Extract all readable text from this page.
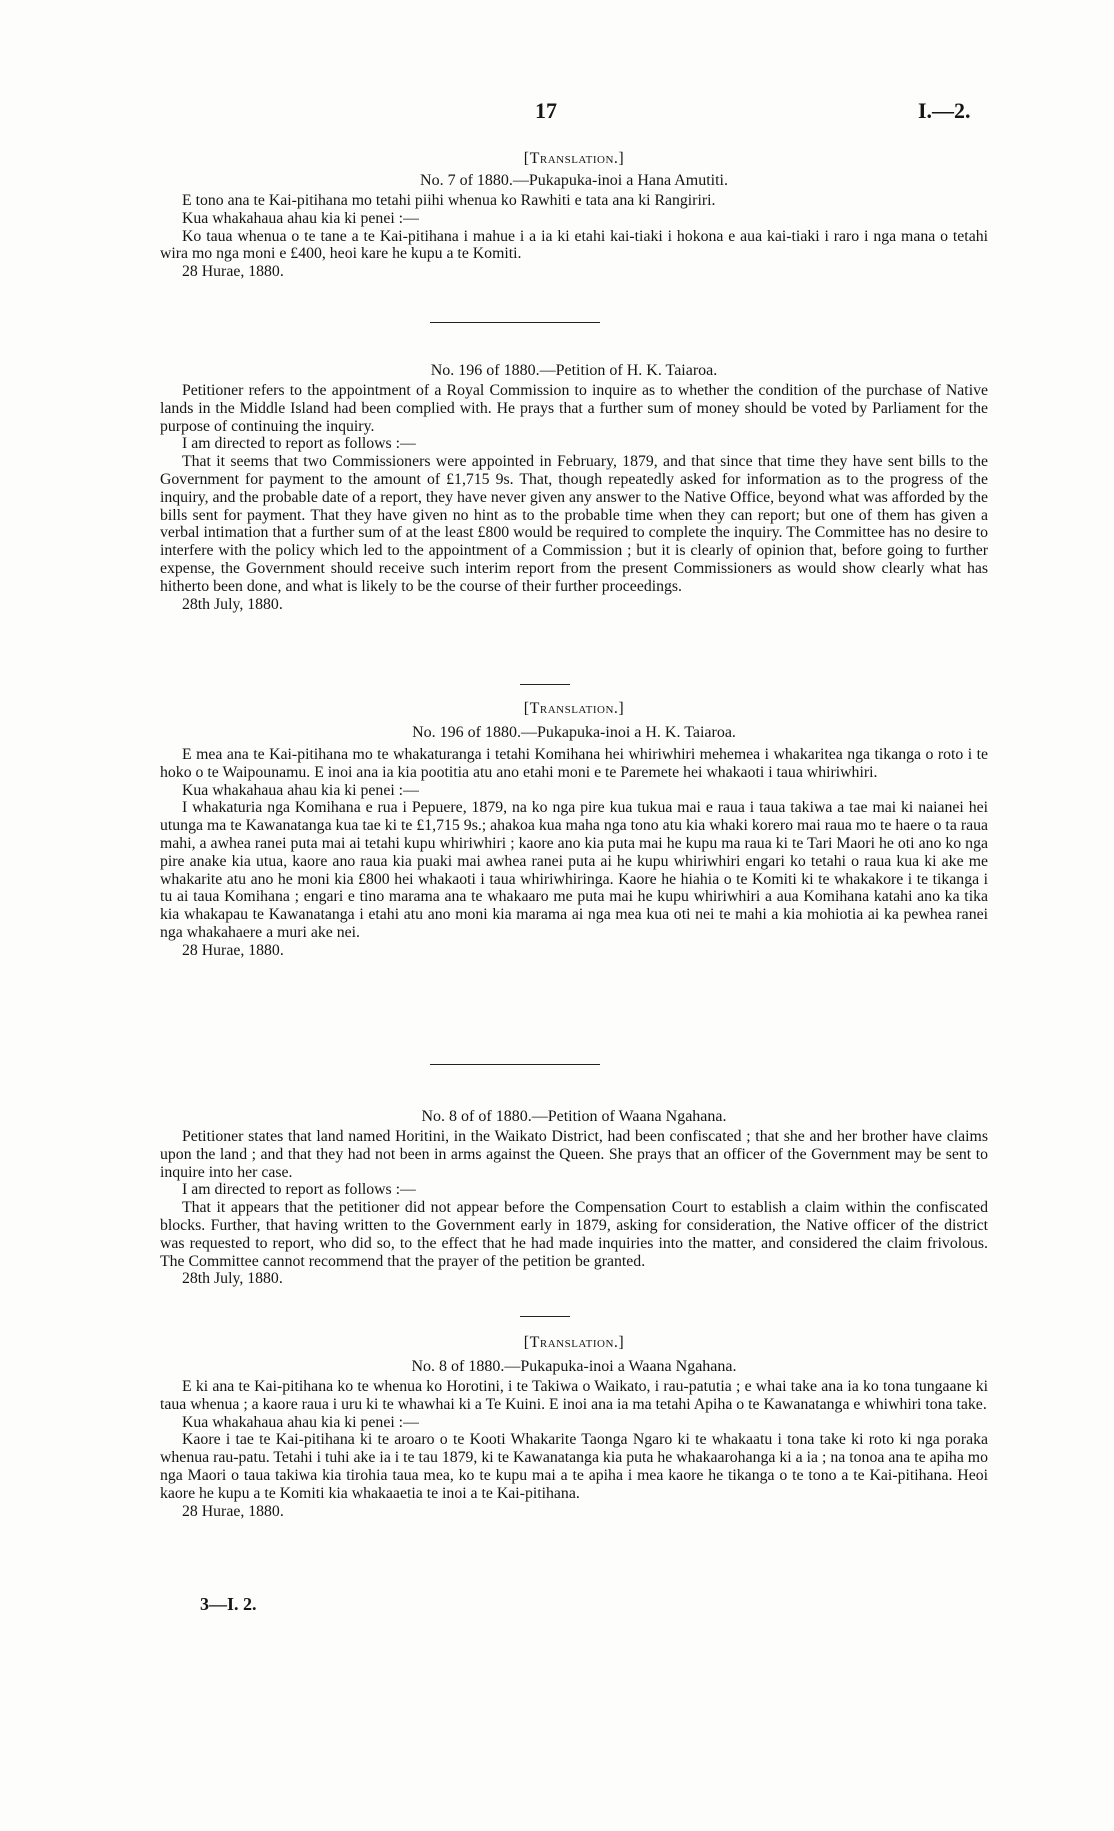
17	I.—2.

[Translation.]

No. 7 of 1880.—Pukapuka-inoi a Hana Amutiti.

E tono ana te Kai-pitihana mo tetahi piihi whenua ko Rawhiti e tata ana ki Rangiriri.

Kua whakahaua ahau kia ki penei :—

Ko taua whenua o te tane a te Kai-pitihana i mahue i a ia ki etahi kai-tiaki i hokona e aua kai-tiaki i raro i nga mana o tetahi wira mo nga moni e £400, heoi kare he kupu a te Komiti.

28 Hurae, 1880.

No. 196 of 1880.—Petition of H. K. Taiaroa.

Petitioner refers to the appointment of a Royal Commission to inquire as to whether the condition of the purchase of Native lands in the Middle Island had been complied with. He prays that a further sum of money should be voted by Parliament for the purpose of continuing the inquiry.

I am directed to report as follows :—

That it seems that two Commissioners were appointed in February, 1879, and that since that time they have sent bills to the Government for payment to the amount of £1,715 9s. That, though repeatedly asked for information as to the progress of the inquiry, and the probable date of a report, they have never given any answer to the Native Office, beyond what was afforded by the bills sent for payment. That they have given no hint as to the probable time when they can report; but one of them has given a verbal intimation that a further sum of at the least £800 would be required to complete the inquiry. The Committee has no desire to interfere with the policy which led to the appointment of a Commission ; but it is clearly of opinion that, before going to further expense, the Government should receive such interim report from the present Commissioners as would show clearly what has hitherto been done, and what is likely to be the course of their further proceedings.

28th July, 1880.

[Translation.]

No. 196 of 1880.—Pukapuka-inoi a H. K. Taiaroa.

E mea ana te Kai-pitihana mo te whakaturanga i tetahi Komihana hei whiriwhiri mehemea i whakaritea nga tikanga o roto i te hoko o te Waipounamu. E inoi ana ia kia pootitia atu ano etahi moni e te Paremete hei whakaoti i taua whiriwhiri.

Kua whakahaua ahau kia ki penei :—

I whakaturia nga Komihana e rua i Pepuere, 1879, na ko nga pire kua tukua mai e raua i taua takiwa a tae mai ki naianei hei utunga ma te Kawanatanga kua tae ki te £1,715 9s.; ahakoa kua maha nga tono atu kia whaki korero mai raua mo te haere o ta raua mahi, a awhea ranei puta mai ai tetahi kupu whiriwhiri ; kaore ano kia puta mai he kupu ma raua ki te Tari Maori he oti ano ko nga pire anake kia utua, kaore ano raua kia puaki mai awhea ranei puta ai he kupu whiriwhiri engari ko tetahi o raua kua ki ake me whakarite atu ano he moni kia £800 hei whakaoti i taua whiriwhiringa. Kaore he hiahia o te Komiti ki te whakakore i te tikanga i tu ai taua Komihana ; engari e tino marama ana te whakaaro me puta mai he kupu whiriwhiri a aua Komihana katahi ano ka tika kia whakapau te Kawanatanga i etahi atu ano moni kia marama ai nga mea kua oti nei te mahi a kia mohiotia ai ka pewhea ranei nga whakahaere a muri ake nei.

28 Hurae, 1880.

No. 8 of of 1880.—Petition of Waana Ngahana.

Petitioner states that land named Horitini, in the Waikato District, had been confiscated ; that she and her brother have claims upon the land ; and that they had not been in arms against the Queen. She prays that an officer of the Government may be sent to inquire into her case.

I am directed to report as follows :—

That it appears that the petitioner did not appear before the Compensation Court to establish a claim within the confiscated blocks. Further, that having written to the Government early in 1879, asking for consideration, the Native officer of the district was requested to report, who did so, to the effect that he had made inquiries into the matter, and considered the claim frivolous. The Committee cannot recommend that the prayer of the petition be granted.

28th July, 1880.

[Translation.]

No. 8 of 1880.—Pukapuka-inoi a Waana Ngahana.

E ki ana te Kai-pitihana ko te whenua ko Horotini, i te Takiwa o Waikato, i rau-patutia ; e whai take ana ia ko tona tungaane ki taua whenua ; a kaore raua i uru ki te whawhai ki a Te Kuini. E inoi ana ia ma tetahi Apiha o te Kawanatanga e whiwhiri tona take.

Kua whakahaua ahau kia ki penei :—

Kaore i tae te Kai-pitihana ki te aroaro o te Kooti Whakarite Taonga Ngaro ki te whakaatu i tona take ki roto ki nga poraka whenua rau-patu. Tetahi i tuhi ake ia i te tau 1879, ki te Kawanatanga kia puta he whakaarohanga ki a ia ; na tonoa ana te apiha mo nga Maori o taua takiwa kia tirohia taua mea, ko te kupu mai a te apiha i mea kaore he tikanga o te tono a te Kai-pitihana. Heoi kaore he kupu a te Komiti kia whakaaetia te inoi a te Kai-pitihana.

28 Hurae, 1880.

3—I. 2.
